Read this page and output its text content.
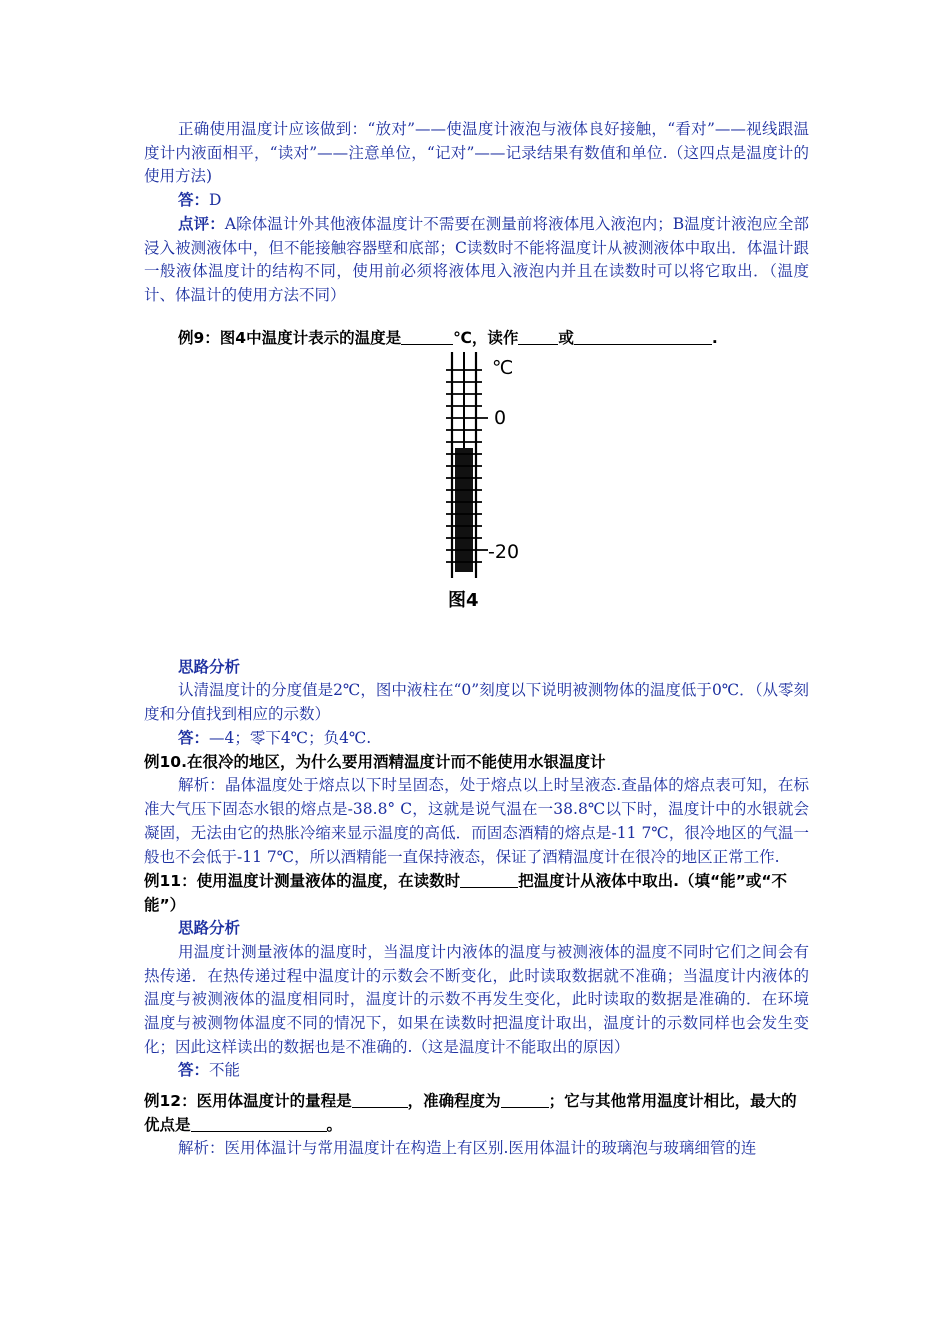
正确使用温度计应该做到：“放对”——使温度计液泡与液体良好接触，“看对”——视线跟温度计内液面相平，“读对”——注意单位，“记对”——记录结果有数值和单位.（这四点是温度计的使用方法)

答：D

点评：A除体温计外其他液体温度计不需要在测量前将液体甩入液泡内；B温度计液泡应全部浸入被测液体中，但不能接触容器壁和底部；C读数时不能将温度计从被测液体中取出．体温计跟一般液体温度计的结构不同，使用前必须将液体甩入液泡内并且在读数时可以将它取出．（温度计、体温计的使用方法不同）

例9：图4中温度计表示的温度是	℃，读作	或	.

℃
0
-20
图4

思路分析

认清温度计的分度值是2℃，图中液柱在“0”刻度以下说明被测物体的温度低于0℃．（从零刻度和分值找到相应的示数）

答：—4；零下4℃；负4℃.

例10.在很冷的地区，为什么要用酒精温度计而不能使用水银温度计

解析：晶体温度处于熔点以下时呈固态，处于熔点以上时呈液态.查晶体的熔点表可知，在标准大气压下固态水银的熔点是-38.8° C，这就是说气温在一38.8℃以下时，温度计中的水银就会凝固，无法由它的热胀冷缩来显示温度的高低．而固态酒精的熔点是-11 7℃，很冷地区的气温一般也不会低于-11 7℃，所以酒精能一直保持液态，保证了酒精温度计在很冷的地区正常工作.

例11：使用温度计测量液体的温度，在读数时	把温度计从液体中取出.（填“能”或“不能”）

思路分析

用温度计测量液体的温度时，当温度计内液体的温度与被测液体的温度不同时它们之间会有热传递．在热传递过程中温度计的示数会不断变化，此时读取数据就不准确；当温度计内液体的温度与被测液体的温度相同时，温度计的示数不再发生变化，此时读取的数据是准确的．在环境温度与被测物体温度不同的情况下，如果在读数时把温度计取出，温度计的示数同样也会发生变化；因此这样读出的数据也是不准确的.（这是温度计不能取出的原因）

答：不能

例12：医用体温度计的量程是	，准确程度为	；它与其他常用温度计相比，最大的优点是	。

解析：医用体温计与常用温度计在构造上有区别.医用体温计的玻璃泡与玻璃细管的连
